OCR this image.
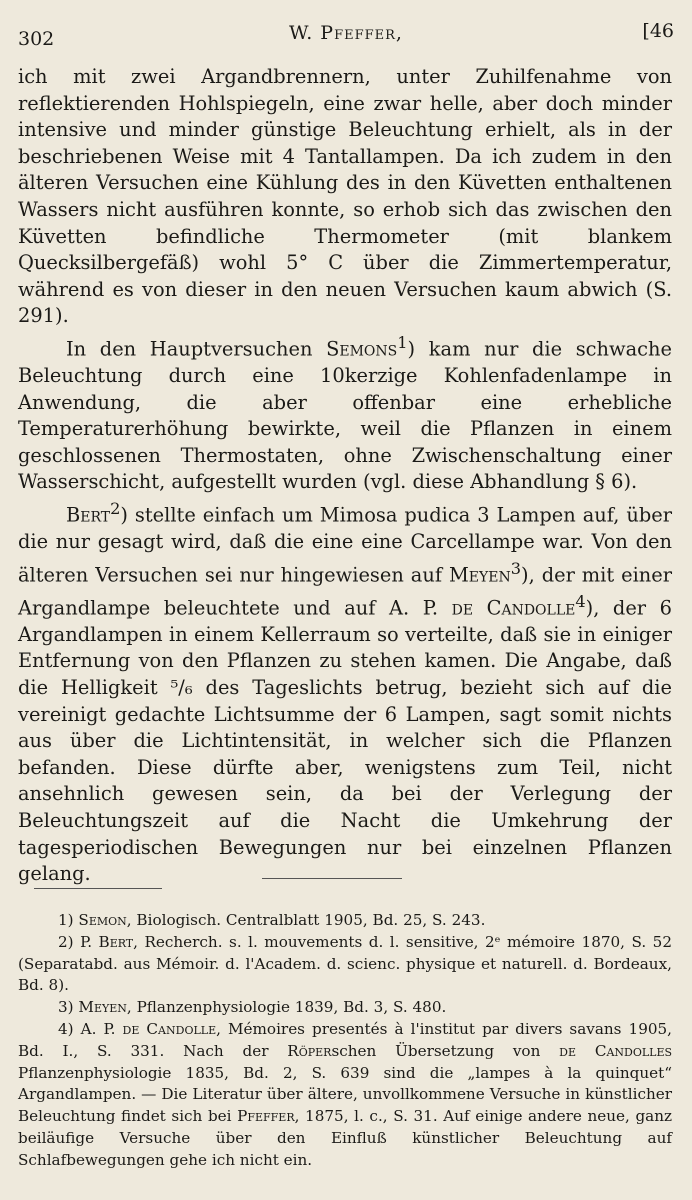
302	W. Pfeffer,	[46

ich mit zwei Argandbrennern, unter Zuhilfenahme von reflektierenden Hohlspiegeln, eine zwar helle, aber doch minder intensive und minder günstige Beleuchtung erhielt, als in der beschriebenen Weise mit 4 Tantallampen. Da ich zudem in den älteren Versuchen eine Kühlung des in den Küvetten enthaltenen Wassers nicht ausführen konnte, so erhob sich das zwischen den Küvetten befindliche Thermometer (mit blankem Quecksilbergefäß) wohl 5° C über die Zimmertemperatur, während es von dieser in den neuen Versuchen kaum abwich (S. 291).

In den Hauptversuchen Semons$^1$) kam nur die schwache Beleuchtung durch eine 10kerzige Kohlenfadenlampe in Anwendung, die aber offenbar eine erhebliche Temperaturerhöhung bewirkte, weil die Pflanzen in einem geschlossenen Thermostaten, ohne Zwischenschaltung einer Wasserschicht, aufgestellt wurden (vgl. diese Abhandlung § 6).

Bert$^2$) stellte einfach um Mimosa pudica 3 Lampen auf, über die nur gesagt wird, daß die eine eine Carcellampe war. Von den älteren Versuchen sei nur hingewiesen auf Meyen$^3$), der mit einer Argandlampe beleuchtete und auf A. P. de Candolle$^4$), der 6 Argandlampen in einem Kellerraum so verteilte, daß sie in einiger Entfernung von den Pflanzen zu stehen kamen. Die Angabe, daß die Helligkeit ⁵/₆ des Tageslichts betrug, bezieht sich auf die vereinigt gedachte Lichtsumme der 6 Lampen, sagt somit nichts aus über die Lichtintensität, in welcher sich die Pflanzen befanden. Diese dürfte aber, wenigstens zum Teil, nicht ansehnlich gewesen sein, da bei der Verlegung der Beleuchtungszeit auf die Nacht die Umkehrung der tagesperiodischen Bewegungen nur bei einzelnen Pflanzen gelang.

1) Semon, Biologisch. Centralblatt 1905, Bd. 25, S. 243.

2) P. Bert, Recherch. s. l. mouvements d. l. sensitive, 2ᵉ mémoire 1870, S. 52 (Separatabd. aus Mémoir. d. l'Academ. d. scienc. physique et naturell. d. Bordeaux, Bd. 8).

3) Meyen, Pflanzenphysiologie 1839, Bd. 3, S. 480.

4) A. P. de Candolle, Mémoires presentés à l'institut par divers savans 1905, Bd. I., S. 331. Nach der Röperschen Übersetzung von de Candolles Pflanzenphysiologie 1835, Bd. 2, S. 639 sind die „lampes à la quinquet“ Argandlampen. — Die Literatur über ältere, unvollkommene Versuche in künstlicher Beleuchtung findet sich bei Pfeffer, 1875, l. c., S. 31. Auf einige andere neue, ganz beiläufige Versuche über den Einfluß künstlicher Beleuchtung auf Schlafbewegungen gehe ich nicht ein.
